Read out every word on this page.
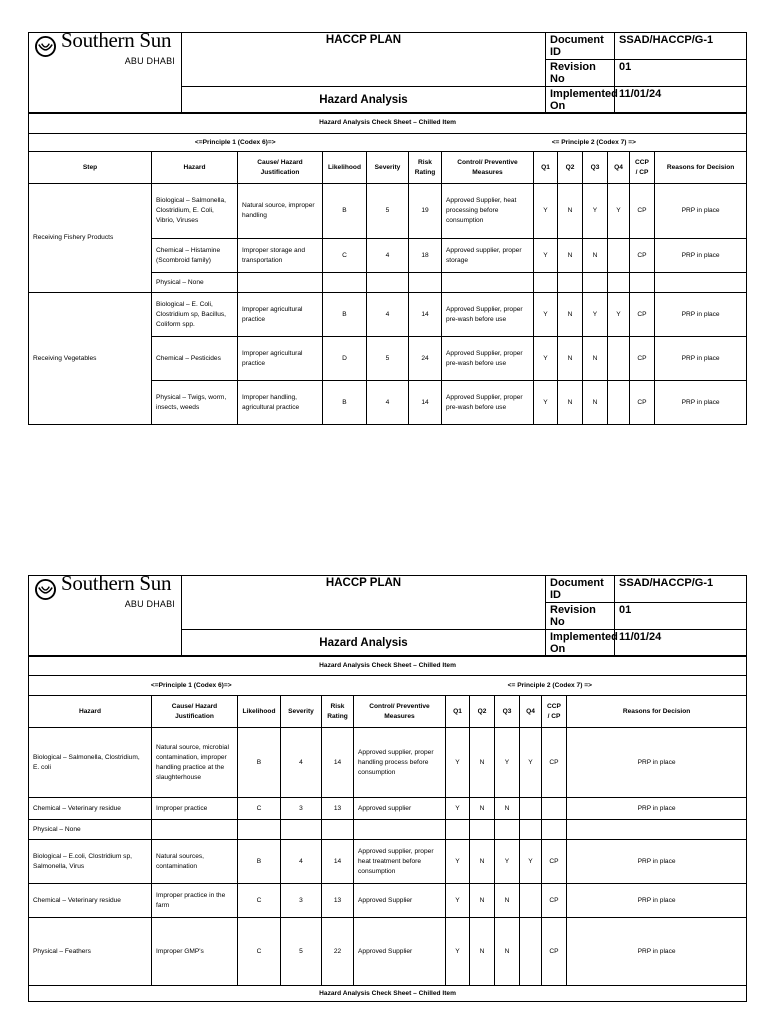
Southern Sun
ABU DHABI	HACCP PLAN	Document ID	SSAD/HACCP/G-1
		Revision No	01
	Hazard Analysis	Implemented On	11/01/24
Hazard Analysis Check Sheet – Chilled Item												
<=Principle 1 (Codex 6)=>						<= Principle 2 (Codex 7) =>						
Step	Hazard	Cause/ Hazard Justification	Likelihood	Severity	Risk Rating	Control/ Preventive Measures	Q1	Q2	Q3	Q4	CCP / CP	Reasons for Decision
Receiving Fishery Products	Biological – Salmonella, Clostridium, E. Coli, Vibrio, Viruses	Natural source, improper handling	B	5	19	Approved Supplier, heat processing before consumption	Y	N	Y	Y	CP	PRP in place
	Chemical – Histamine (Scombroid family)	Improper storage and transportation	C	4	18	Approved supplier, proper storage	Y	N	N		CP	PRP in place
	Physical – None											
Receiving Vegetables	Biological – E. Coli, Clostridium sp, Bacillus, Coliform spp.	Improper agricultural practice	B	4	14	Approved Supplier, proper pre-wash before use	Y	N	Y	Y	CP	PRP in place
	Chemical – Pesticides	Improper agricultural practice	D	5	24	Approved Supplier, proper pre-wash before use	Y	N	N		CP	PRP in place
	Physical – Twigs, worm, insects, weeds	Improper handling, agricultural practice	B	4	14	Approved Supplier, proper pre-wash before use	Y	N	N		CP	PRP in place
Southern Sun
ABU DHABI	HACCP PLAN	Document ID	SSAD/HACCP/G-1
		Revision No	01
	Hazard Analysis	Implemented On	11/01/24
Hazard Analysis Check Sheet – Chilled Item											
<=Principle 1 (Codex 6)=>					<= Principle 2 (Codex 7) =>						
Hazard	Cause/ Hazard Justification	Likelihood	Severity	Risk Rating	Control/ Preventive Measures	Q1	Q2	Q3	Q4	CCP / CP	Reasons for Decision
Biological – Salmonella, Clostridium, E. coli	Natural source, microbial contamination, improper handling practice at the slaughterhouse	B	4	14	Approved supplier, proper handling process before consumption	Y	N	Y	Y	CP	PRP in place
Chemical – Veterinary residue	Improper practice	C	3	13	Approved supplier	Y	N	N			PRP in place
Physical – None											
Biological – E.coli, Clostridium sp, Salmonella, Virus	Natural sources, contamination	B	4	14	Approved supplier, proper heat treatment before consumption	Y	N	Y	Y	CP	PRP in place
Chemical – Veterinary residue	Improper practice in the farm	C	3	13	Approved Supplier	Y	N	N		CP	PRP in place
Physical – Feathers	Improper GMP's	C	5	22	Approved Supplier	Y	N	N		CP	PRP in place
Hazard Analysis Check Sheet – Chilled Item											
